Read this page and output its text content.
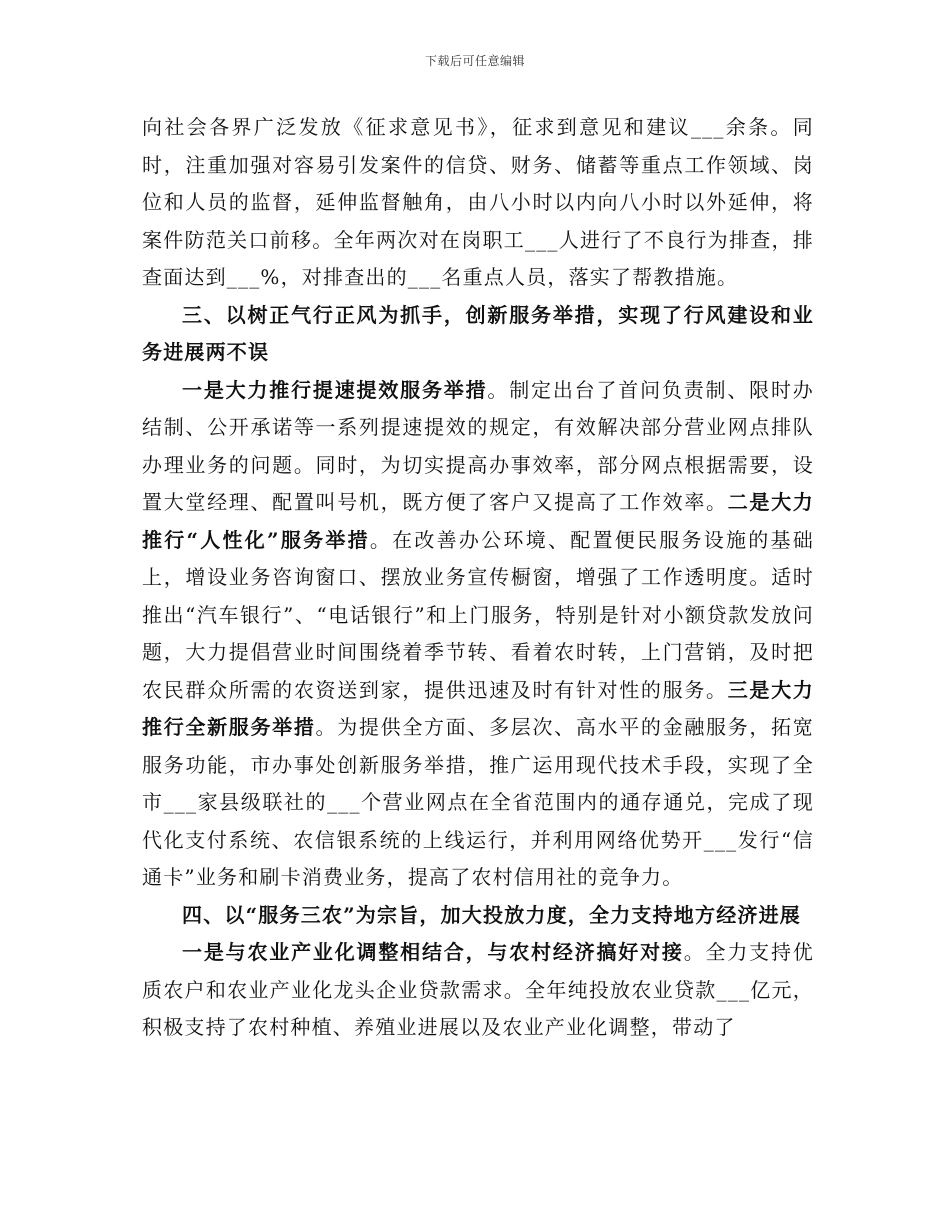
下载后可任意编辑

向社会各界广泛发放《征求意见书》，征求到意见和建议___余条。同时，注重加强对容易引发案件的信贷、财务、储蓄等重点工作领域、岗位和人员的监督，延伸监督触角，由八小时以内向八小时以外延伸，将案件防范关口前移。全年两次对在岗职工___人进行了不良行为排查，排查面达到___%，对排查出的___名重点人员，落实了帮教措施。

三、以树正气行正风为抓手，创新服务举措，实现了行风建设和业务进展两不误

一是大力推行提速提效服务举措。制定出台了首问负责制、限时办结制、公开承诺等一系列提速提效的规定，有效解决部分营业网点排队办理业务的问题。同时，为切实提高办事效率，部分网点根据需要，设置大堂经理、配置叫号机，既方便了客户又提高了工作效率。二是大力推行“人性化”服务举措。在改善办公环境、配置便民服务设施的基础上，增设业务咨询窗口、摆放业务宣传橱窗，增强了工作透明度。适时推出“汽车银行”、“电话银行”和上门服务，特别是针对小额贷款发放问题，大力提倡营业时间围绕着季节转、看着农时转，上门营销，及时把农民群众所需的农资送到家，提供迅速及时有针对性的服务。三是大力推行全新服务举措。为提供全方面、多层次、高水平的金融服务，拓宽服务功能，市办事处创新服务举措，推广运用现代技术手段，实现了全市___家县级联社的___个营业网点在全省范围内的通存通兑，完成了现代化支付系统、农信银系统的上线运行，并利用网络优势开___发行“信通卡”业务和刷卡消费业务，提高了农村信用社的竞争力。

四、以“服务三农”为宗旨，加大投放力度，全力支持地方经济进展

一是与农业产业化调整相结合，与农村经济搞好对接。全力支持优质农户和农业产业化龙头企业贷款需求。全年纯投放农业贷款___亿元，积极支持了农村种植、养殖业进展以及农业产业化调整，带动了
